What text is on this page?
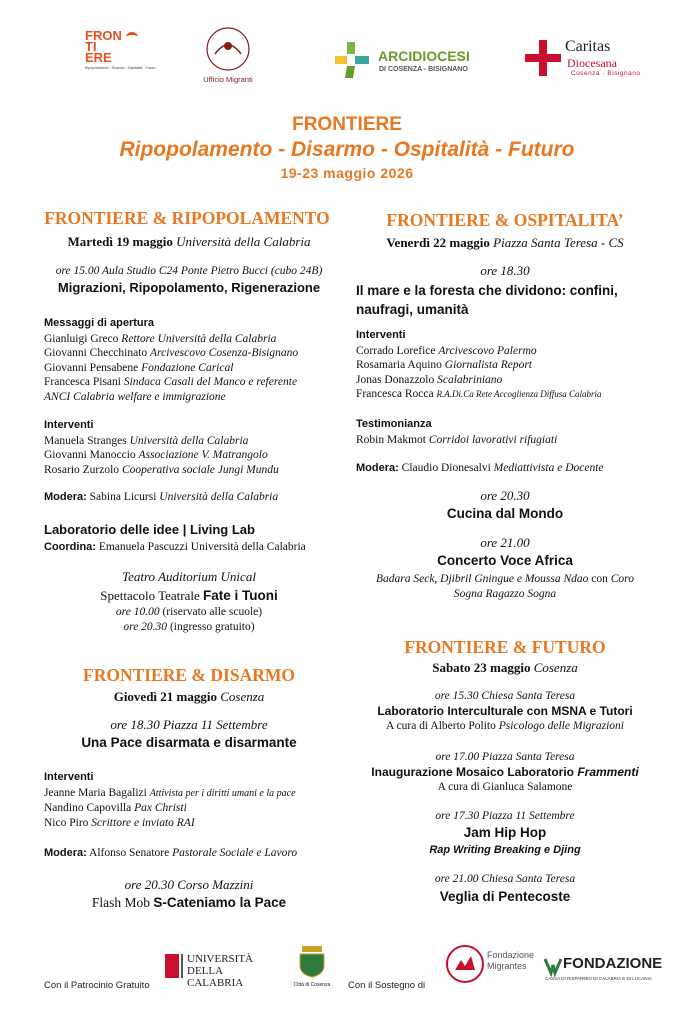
FRON
TI
ERE
Ripopolamento · Disarmo · Ospitalità · Futuro
Ufficio Migranti
ARCIDIOCESI
DI COSENZA - BISIGNANO
Caritas
Diocesana
Cosenza · Bisignano
FRONTIERE
Ripopolamento - Disarmo - Ospitalità - Futuro
19-23 maggio 2026
FRONTIERE & RIPOPOLAMENTO
Martedì 19 maggio Università della Calabria
ore 15.00 Aula Studio C24 Ponte Pietro Bucci (cubo 24B)
Migrazioni, Ripopolamento, Rigenerazione
Messaggi di apertura
Gianluigi Greco Rettore Università della Calabria
Giovanni Checchinato Arcivescovo Cosenza-Bisignano
Giovanni Pensabene Fondazione Carical
Francesca Pisani Sindaca Casali del Manco e referente
ANCI Calabria welfare e immigrazione
Interventi
Manuela Stranges Università della Calabria
Giovanni Manoccio Associazione V. Matrangolo
Rosario Zurzolo Cooperativa sociale Jungi Mundu
Modera: Sabina Licursi Università della Calabria
Laboratorio delle idee | Living Lab
Coordina: Emanuela Pascuzzi Università della Calabria
Teatro Auditorium Unical
Spettacolo Teatrale Fate i Tuoni
ore 10.00 (riservato alle scuole)
ore 20.30 (ingresso gratuito)
FRONTIERE & DISARMO
Giovedì 21 maggio Cosenza
ore 18.30 Piazza 11 Settembre
Una Pace disarmata e disarmante
Interventi
Jeanne Maria Bagalizi Attivista per i diritti umani e la pace
Nandino Capovilla Pax Christi
Nico Piro Scrittore e inviato RAI
Modera: Alfonso Senatore Pastorale Sociale e Lavoro
ore 20.30 Corso Mazzini
Flash Mob S-Cateniamo la Pace
FRONTIERE & OSPITALITA’
Venerdì 22 maggio Piazza Santa Teresa - CS
ore 18.30
Il mare e la foresta che dividono: confini,
naufragi, umanità
Interventi
Corrado Lorefice Arcivescovo Palermo
Rosamaria Aquino Giornalista Report
Jonas Donazzolo Scalabriniano
Francesca Rocca R.A.Di.Ca Rete Accoglienza Diffusa Calabria
Testimonianza
Robin Makmot Corridoi lavorativi rifugiati
Modera: Claudio Dionesalvi Mediattivista e Docente
ore 20.30
Cucina dal Mondo
ore 21.00
Concerto Voce Africa
Badara Seck, Djibril Gningue e Moussa Ndao con Coro
Sogna Ragazzo Sogna
FRONTIERE & FUTURO
Sabato 23 maggio Cosenza
ore 15.30 Chiesa Santa Teresa
Laboratorio Interculturale con MSNA e Tutori
A cura di Alberto Polito Psicologo delle Migrazioni
ore 17.00 Piazza Santa Teresa
Inaugurazione Mosaico Laboratorio Frammenti
A cura di Gianluca Salamone
ore 17.30 Piazza 11 Settembre
Jam Hip Hop
Rap Writing Breaking e Djing
ore 21.00 Chiesa Santa Teresa
Veglia di Pentecoste
Con il Patrocinio Gratuito
UNIVERSITÀ
DELLA CALABRIA	Città di Cosenza	Con il Sostegno di
Fondazione
Migrantes FONDAZIONE
CASSA DI RISPARMIO DI CALABRIA E DI LUCANIA
